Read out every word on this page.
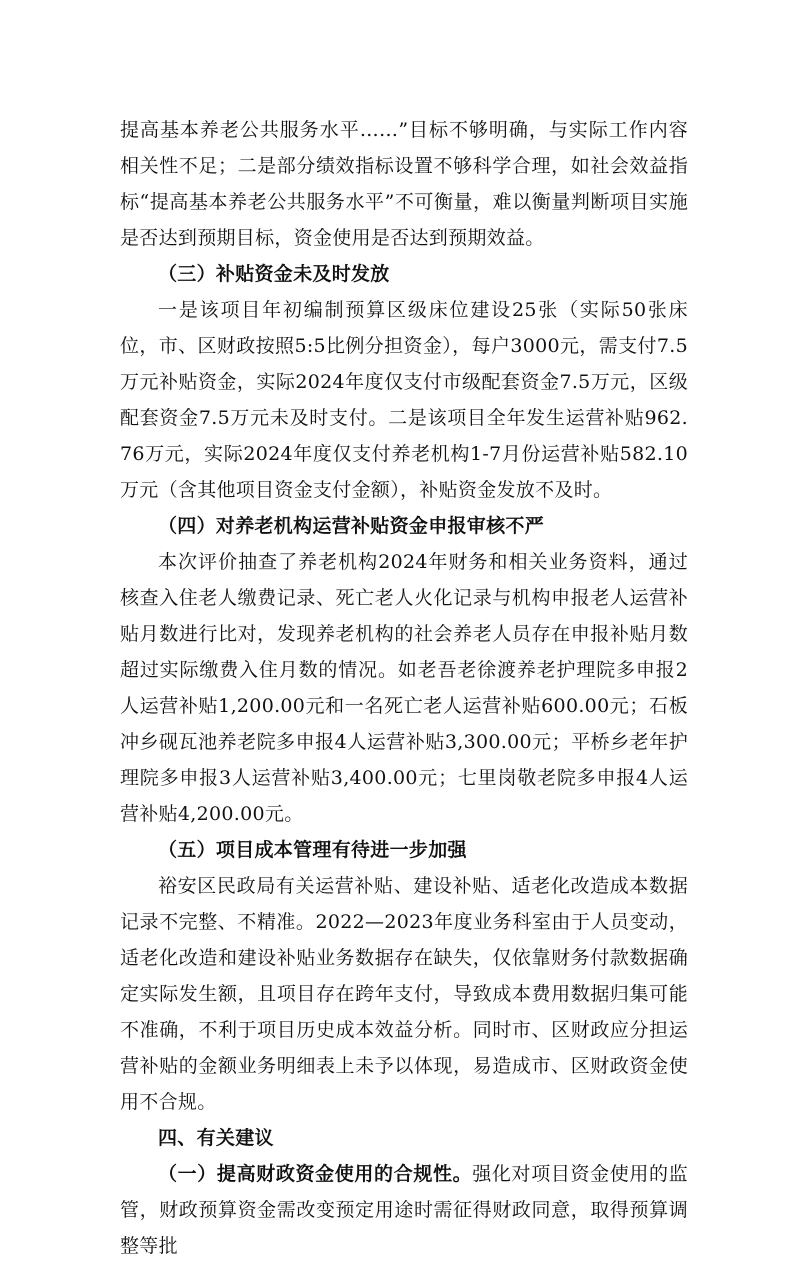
提高基本养老公共服务水平……”目标不够明确，与实际工作内容相关性不足；二是部分绩效指标设置不够科学合理，如社会效益指标“提高基本养老公共服务水平”不可衡量，难以衡量判断项目实施是否达到预期目标，资金使用是否达到预期效益。

（三）补贴资金未及时发放

一是该项目年初编制预算区级床位建设25张（实际50张床位，市、区财政按照5:5比例分担资金），每户3000元，需支付7.5万元补贴资金，实际2024年度仅支付市级配套资金7.5万元，区级配套资金7.5万元未及时支付。二是该项目全年发生运营补贴962.76万元，实际2024年度仅支付养老机构1-7月份运营补贴582.10万元（含其他项目资金支付金额），补贴资金发放不及时。

（四）对养老机构运营补贴资金申报审核不严

本次评价抽查了养老机构2024年财务和相关业务资料，通过核查入住老人缴费记录、死亡老人火化记录与机构申报老人运营补贴月数进行比对，发现养老机构的社会养老人员存在申报补贴月数超过实际缴费入住月数的情况。如老吾老徐渡养老护理院多申报2人运营补贴1,200.00元和一名死亡老人运营补贴600.00元；石板冲乡砚瓦池养老院多申报4人运营补贴3,300.00元；平桥乡老年护理院多申报3人运营补贴3,400.00元；七里岗敬老院多申报4人运营补贴4,200.00元。

（五）项目成本管理有待进一步加强

裕安区民政局有关运营补贴、建设补贴、适老化改造成本数据记录不完整、不精准。2022—2023年度业务科室由于人员变动，适老化改造和建设补贴业务数据存在缺失，仅依靠财务付款数据确定实际发生额，且项目存在跨年支付，导致成本费用数据归集可能不准确，不利于项目历史成本效益分析。同时市、区财政应分担运营补贴的金额业务明细表上未予以体现，易造成市、区财政资金使用不合规。

四、有关建议

（一）提高财政资金使用的合规性。强化对项目资金使用的监管，财政预算资金需改变预定用途时需征得财政同意，取得预算调整等批
